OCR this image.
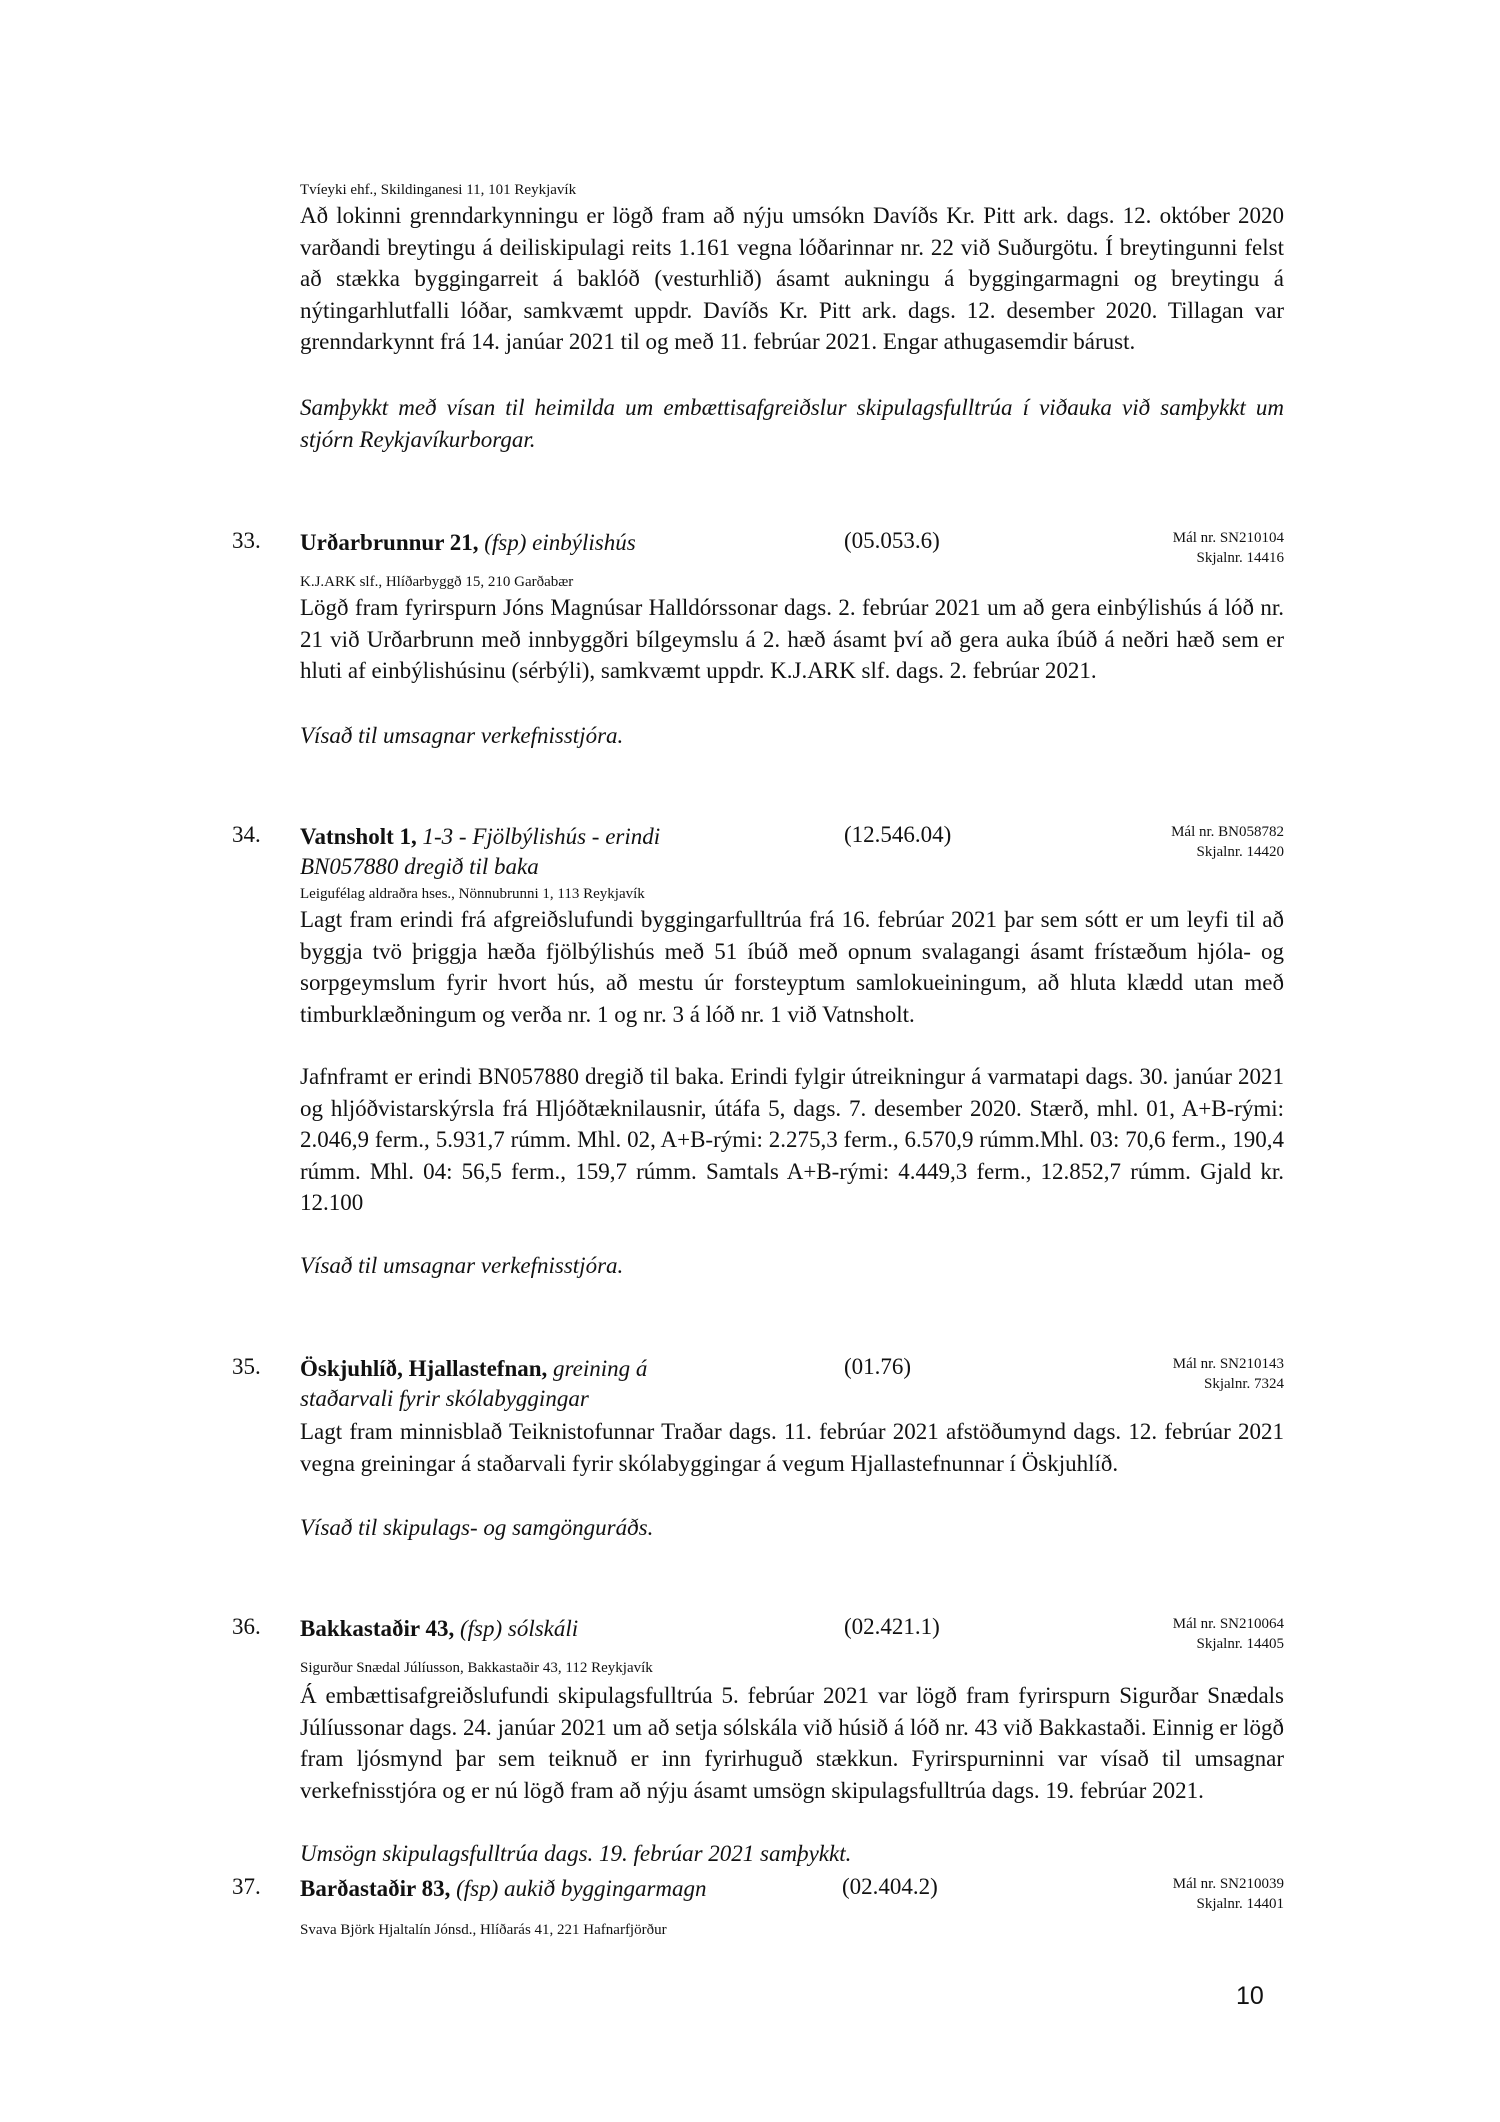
Tvíeyki ehf., Skildinganesi 11, 101 Reykjavík

Að lokinni grenndarkynningu er lögð fram að nýju umsókn Davíðs Kr. Pitt ark. dags. 12. október 2020 varðandi breytingu á deiliskipulagi reits 1.161 vegna lóðarinnar nr. 22 við Suðurgötu. Í breytingunni felst að stækka byggingarreit á baklóð (vesturhlið) ásamt aukningu á byggingarmagni og breytingu á nýtingarhlutfalli lóðar, samkvæmt uppdr. Davíðs Kr. Pitt ark. dags. 12. desember 2020. Tillagan var grenndarkynnt frá 14. janúar 2021 til og með 11. febrúar 2021. Engar athugasemdir bárust.

Samþykkt með vísan til heimilda um embættisafgreiðslur skipulagsfulltrúa í viðauka við samþykkt um stjórn Reykjavíkurborgar.

33. Urðarbrunnur 21, (fsp) einbýlishús	(05.053.6)	Mál nr. SN210104
Skjalnr. 14416
K.J.ARK slf., Hlíðarbyggð 15, 210 Garðabær

Lögð fram fyrirspurn Jóns Magnúsar Halldórssonar dags. 2. febrúar 2021 um að gera einbýlishús á lóð nr. 21 við Urðarbrunn með innbyggðri bílgeymslu á 2. hæð ásamt því að gera auka íbúð á neðri hæð sem er hluti af einbýlishúsinu (sérbýli), samkvæmt uppdr. K.J.ARK slf. dags. 2. febrúar 2021.

Vísað til umsagnar verkefnisstjóra.

34. Vatnsholt 1, 1-3 - Fjölbýlishús - erindi BN057880 dregið til baka
(12.546.04)	Mál nr. BN058782
Skjalnr. 14420
Leigufélag aldraðra hses., Nönnubrunni 1, 113 Reykjavík

Lagt fram erindi frá afgreiðslufundi byggingarfulltrúa frá 16. febrúar 2021 þar sem sótt er um leyfi til að byggja tvö þriggja hæða fjölbýlishús með 51 íbúð með opnum svalagangi ásamt frístæðum hjóla- og sorpgeymslum fyrir hvort hús, að mestu úr forsteyptum samlokueiningum, að hluta klædd utan með timburklæðningum og verða nr. 1 og nr. 3 á lóð nr. 1 við Vatnsholt.

Jafnframt er erindi BN057880 dregið til baka. Erindi fylgir útreikningur á varmatapi dags. 30. janúar 2021 og hljóðvistarskýrsla frá Hljóðtæknilausnir, útáfa 5, dags. 7. desember 2020. Stærð, mhl. 01, A+B-rými: 2.046,9 ferm., 5.931,7 rúmm. Mhl. 02, A+B-rými: 2.275,3 ferm., 6.570,9 rúmm.Mhl. 03: 70,6 ferm., 190,4 rúmm. Mhl. 04: 56,5 ferm., 159,7 rúmm. Samtals A+B-rými: 4.449,3 ferm., 12.852,7 rúmm. Gjald kr. 12.100

Vísað til umsagnar verkefnisstjóra.

35. Öskjuhlíð, Hjallastefnan, greining á staðarvali fyrir skólabyggingar
(01.76)	Mál nr. SN210143
Skjalnr. 7324

Lagt fram minnisblað Teiknistofunnar Traðar dags. 11. febrúar 2021 afstöðumynd dags. 12. febrúar 2021 vegna greiningar á staðarvali fyrir skólabyggingar á vegum Hjallastefnunnar í Öskjuhlíð.

Vísað til skipulags- og samgönguráðs.

36. Bakkastaðir 43, (fsp) sólskáli	(02.421.1)	Mál nr. SN210064
Skjalnr. 14405
Sigurður Snædal Júlíusson, Bakkastaðir 43, 112 Reykjavík

Á embættisafgreiðslufundi skipulagsfulltrúa 5. febrúar 2021 var lögð fram fyrirspurn Sigurðar Snædals Júlíussonar dags. 24. janúar 2021 um að setja sólskála við húsið á lóð nr. 43 við Bakkastaði. Einnig er lögð fram ljósmynd þar sem teiknuð er inn fyrirhuguð stækkun. Fyrirspurninni var vísað til umsagnar verkefnisstjóra og er nú lögð fram að nýju ásamt umsögn skipulagsfulltrúa dags. 19. febrúar 2021.

Umsögn skipulagsfulltrúa dags. 19. febrúar 2021 samþykkt.

37. Barðastaðir 83, (fsp) aukið byggingarmagn	(02.404.2)	Mál nr. SN210039
Skjalnr. 14401
Svava Björk Hjaltalín Jónsd., Hlíðarás 41, 221 Hafnarfjörður
10
